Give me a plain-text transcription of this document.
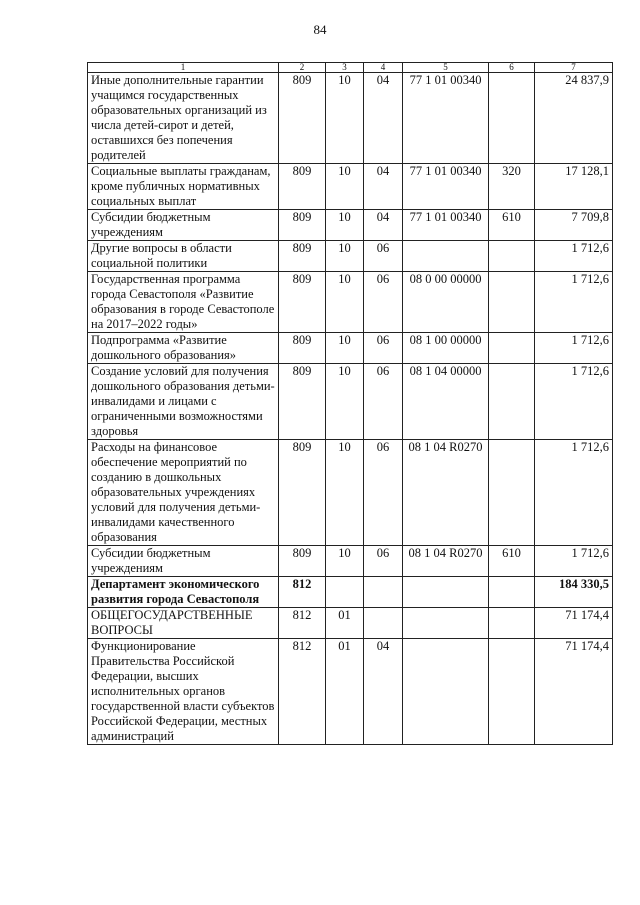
84
1	2	3	4	5	6	7
Иные дополнительные гарантии учащимся государственных образовательных организаций из числа детей-сирот и детей, оставшихся без попечения родителей	809	10	04	77 1 01 00340		24 837,9
Социальные выплаты гражданам, кроме публичных нормативных социальных выплат	809	10	04	77 1 01 00340	320	17 128,1
Субсидии бюджетным учреждениям	809	10	04	77 1 01 00340	610	7 709,8
Другие вопросы в области социальной политики	809	10	06			1 712,6
Государственная программа города Севастополя «Развитие образования в городе Севастополе на 2017–2022 годы»	809	10	06	08 0 00 00000		1 712,6
Подпрограмма «Развитие дошкольного образования»	809	10	06	08 1 00 00000		1 712,6
Создание условий для получения дошкольного образования детьми-инвалидами и лицами с ограниченными возможностями здоровья	809	10	06	08 1 04 00000		1 712,6
Расходы на финансовое обеспечение мероприятий по созданию в дошкольных образовательных учреждениях условий для получения детьми-инвалидами качественного образования	809	10	06	08 1 04 R0270		1 712,6
Субсидии бюджетным учреждениям	809	10	06	08 1 04 R0270	610	1 712,6
Департамент экономического развития города Севастополя	812					184 330,5
ОБЩЕГОСУДАРСТВЕННЫЕ ВОПРОСЫ	812	01				71 174,4
Функционирование Правительства Российской Федерации, высших исполнительных органов государственной власти субъектов Российской Федерации, местных администраций	812	01	04			71 174,4
